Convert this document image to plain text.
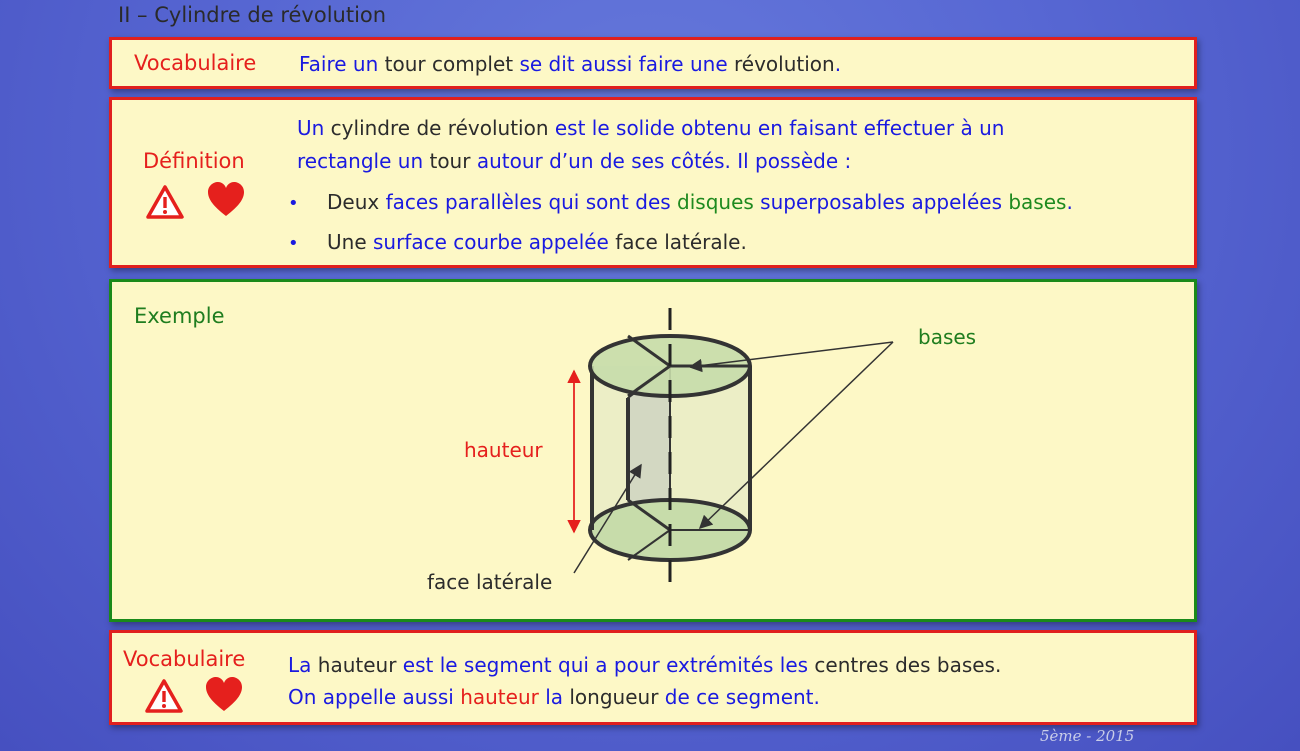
II – Cylindre de révolution
Vocabulaire Faire un tour complet se dit aussi faire une révolution.
Définition
Un cylindre de révolution est le solide obtenu en faisant effectuer à un
rectangle un tour autour d’un de ses côtés. Il possède :
• Deux faces parallèles qui sont des disques superposables appelées bases.
• Une surface courbe appelée face latérale.
Exemple
bases
hauteur
face latérale
Vocabulaire La hauteur est le segment qui a pour extrémités les centres des bases.
On appelle aussi hauteur la longueur de ce segment.
5ème - 2015
